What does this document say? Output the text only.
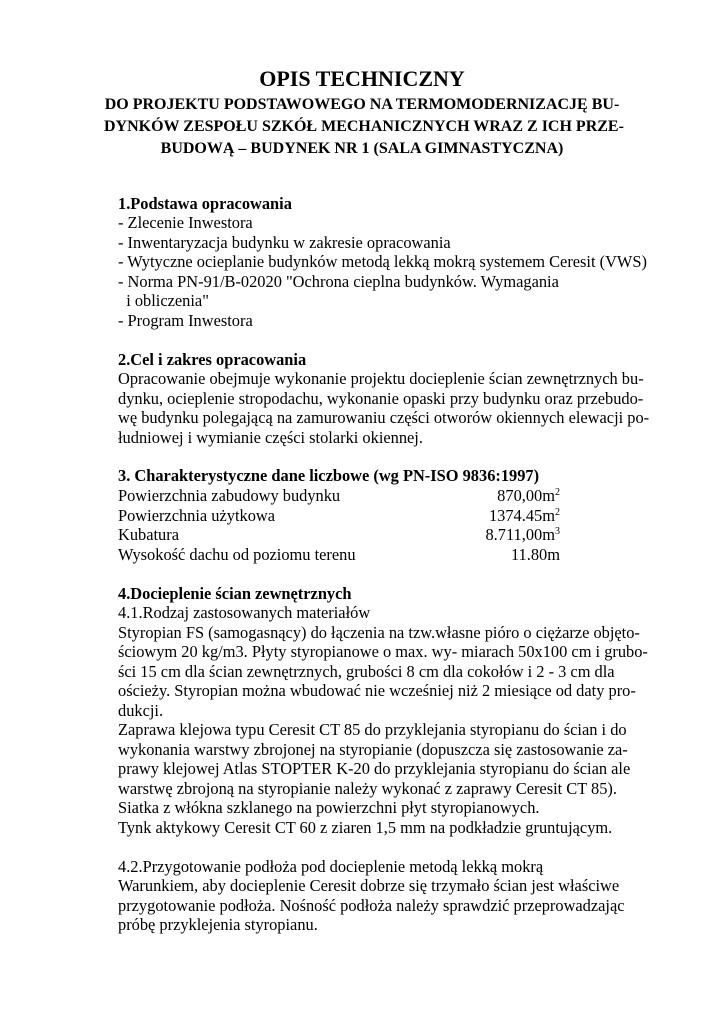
OPIS TECHNICZNY
DO PROJEKTU PODSTAWOWEGO NA TERMOMODERNIZACJĘ BU-
DYNKÓW ZESPOŁU SZKÓŁ MECHANICZNYCH WRAZ Z ICH PRZE-
BUDOWĄ – BUDYNEK NR 1 (SALA GIMNASTYCZNA)
1.Podstawa opracowania
- Zlecenie Inwestora
- Inwentaryzacja budynku w zakresie opracowania
- Wytyczne ocieplanie budynków metodą lekką mokrą systemem Ceresit (VWS)
- Norma PN-91/B-02020 "Ochrona cieplna budynków. Wymagania
i obliczenia"
- Program Inwestora
2.Cel i zakres opracowania
Opracowanie obejmuje wykonanie projektu docieplenie ścian zewnętrznych bu-
dynku, ocieplenie stropodachu, wykonanie opaski przy budynku oraz przebudo-
wę budynku polegającą na zamurowaniu części otworów okiennych elewacji po-
łudniowej i wymianie części stolarki okiennej.
3. Charakterystyczne dane liczbowe (wg PN-ISO 9836:1997)
Powierzchnia zabudowy budynku	$870,00m^2$
Powierzchnia użytkowa	$1374.45m^2$
Kubatura	$8.711,00m^3$
Wysokość dachu od poziomu terenu	11.80m
4.Docieplenie ścian zewnętrznych
4.1.Rodzaj zastosowanych materiałów
Styropian FS (samogasnący) do łączenia na tzw.własne pióro o ciężarze objęto-
ściowym 20 kg/m3. Płyty styropianowe o max. wy- miarach 50x100 cm i grubo-
ści 15 cm dla ścian zewnętrznych, grubości 8 cm dla cokołów i 2 - 3 cm dla
ościeży. Styropian można wbudować nie wcześniej niż 2 miesiące od daty pro-
dukcji.
Zaprawa klejowa typu Ceresit CT 85 do przyklejania styropianu do ścian i do
wykonania warstwy zbrojonej na styropianie (dopuszcza się zastosowanie za-
prawy klejowej Atlas STOPTER K-20 do przyklejania styropianu do ścian ale
warstwę zbrojoną na styropianie należy wykonać z zaprawy Ceresit CT 85).
Siatka z włókna szklanego na powierzchni płyt styropianowych.
Tynk aktykowy Ceresit CT 60 z ziaren 1,5 mm na podkładzie gruntującym.
4.2.Przygotowanie podłoża pod docieplenie metodą lekką mokrą
Warunkiem, aby docieplenie Ceresit dobrze się trzymało ścian jest właściwe
przygotowanie podłoża. Nośność podłoża należy sprawdzić przeprowadzając
próbę przyklejenia styropianu.
